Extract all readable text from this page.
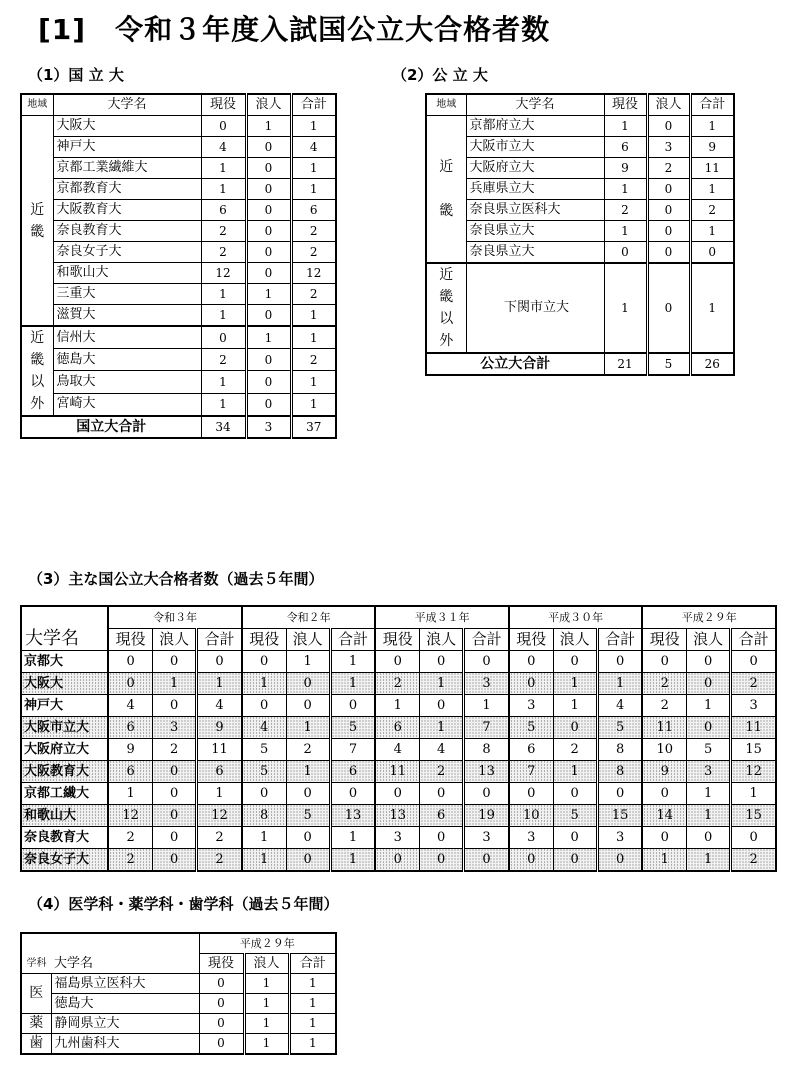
[1]　令和３年度入試国公立大合格者数
（1）国 立 大	（2）公 立 大
地域	大学名	現役	浪人	合計
近
畿	大阪大	0	1	1
	神戸大	4	0	4
	京都工業繊維大	1	0	1
	京都教育大	1	0	1
	大阪教育大	6	0	6
	奈良教育大	2	0	2
	奈良女子大	2	0	2
	和歌山大	12	0	12
	三重大	1	1	2
	滋賀大	1	0	1
近
畿
以
外	信州大	0	1	1
	徳島大	2	0	2
	鳥取大	1	0	1
	宮崎大	1	0	1
国立大合計		34	3	37
地域	大学名	現役	浪人	合計
近

畿	京都府立大	1	0	1
	大阪市立大	6	3	9
	大阪府立大	9	2	11
	兵庫県立大	1	0	1
	奈良県立医科大	2	0	2
	奈良県立大	1	0	1
	奈良県立大	0	0	0
近
畿
以
外	下関市立大	1	0	1
公立大合計		21	5	26
（3）主な国公立大合格者数（過去５年間）
	令和３年			令和２年			平成３１年			平成３０年			平成２９年		
大学名	現役	浪人	合計	現役	浪人	合計	現役	浪人	合計	現役	浪人	合計	現役	浪人	合計
京都大	0	0	0	0	1	1	0	0	0	0	0	0	0	0	0
大阪大	0	1	1	1	0	1	2	1	3	0	1	1	2	0	2
神戸大	4	0	4	0	0	0	1	0	1	3	1	4	2	1	3
大阪市立大	6	3	9	4	1	5	6	1	7	5	0	5	11	0	11
大阪府立大	9	2	11	5	2	7	4	4	8	6	2	8	10	5	15
大阪教育大	6	0	6	5	1	6	11	2	13	7	1	8	9	3	12
京都工繊大	1	0	1	0	0	0	0	0	0	0	0	0	0	1	1
和歌山大	12	0	12	8	5	13	13	6	19	10	5	15	14	1	15
奈良教育大	2	0	2	1	0	1	3	0	3	3	0	3	0	0	0
奈良女子大	2	0	2	1	0	1	0	0	0	0	0	0	1	1	2
（4）医学科・薬学科・歯学科（過去５年間）
		平成２９年		
学科	大学名	現役	浪人	合計
医	福島県立医科大	0	1	1
	徳島大	0	1	1
薬	静岡県立大	0	1	1
歯	九州歯科大	0	1	1
